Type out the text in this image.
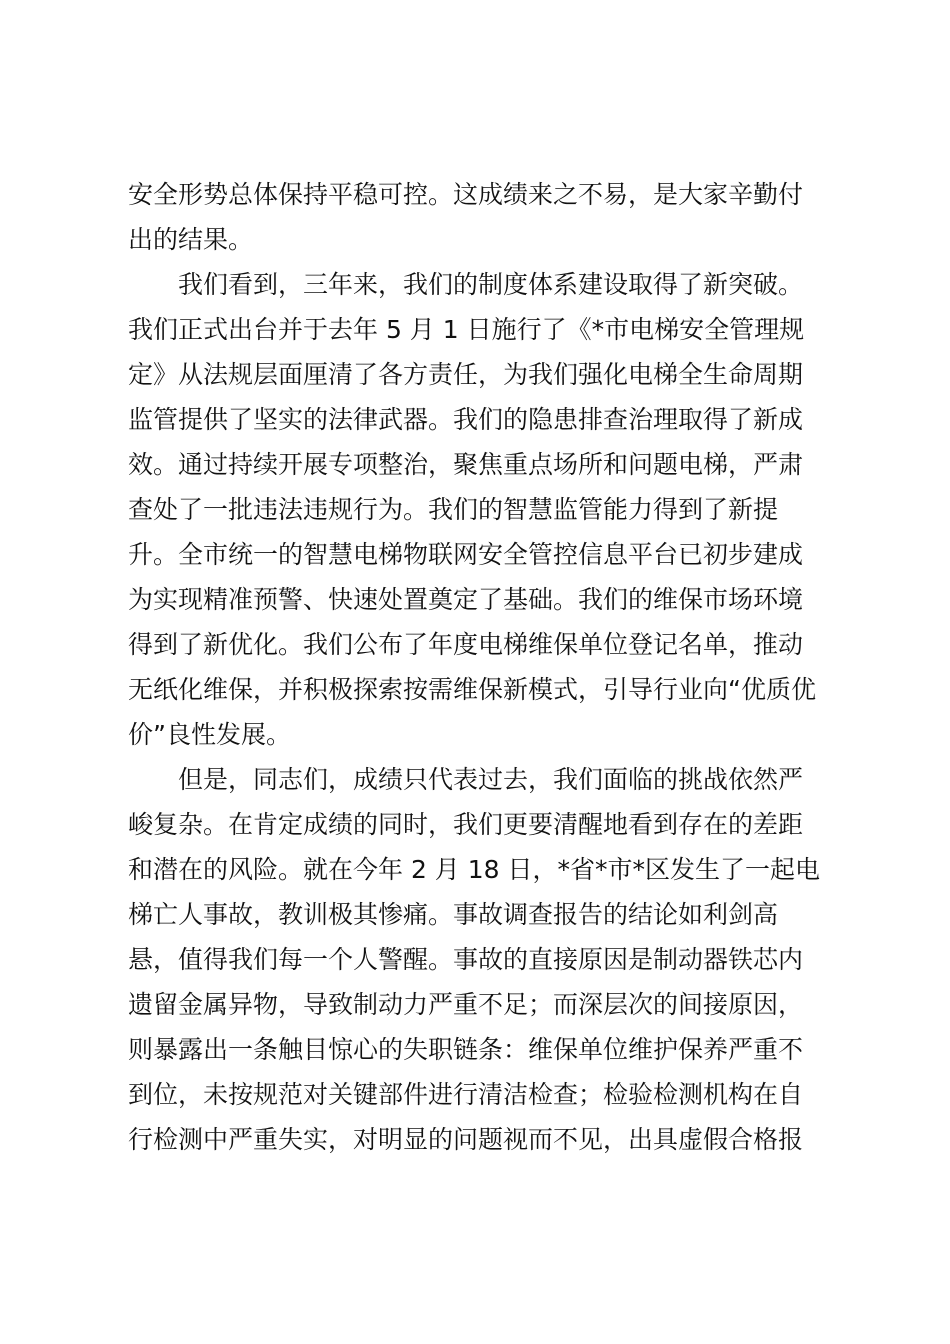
安全形势总体保持平稳可控。这成绩来之不易，是大家辛勤付
出的结果。
　　我们看到，三年来，我们的制度体系建设取得了新突破。
我们正式出台并于去年 5 月 1 日施行了《*市电梯安全管理规
定》从法规层面厘清了各方责任，为我们强化电梯全生命周期
监管提供了坚实的法律武器。我们的隐患排查治理取得了新成
效。通过持续开展专项整治，聚焦重点场所和问题电梯，严肃
查处了一批违法违规行为。我们的智慧监管能力得到了新提
升。全市统一的智慧电梯物联网安全管控信息平台已初步建成
为实现精准预警、快速处置奠定了基础。我们的维保市场环境
得到了新优化。我们公布了年度电梯维保单位登记名单，推动
无纸化维保，并积极探索按需维保新模式，引导行业向“优质优
价”良性发展。
　　但是，同志们，成绩只代表过去，我们面临的挑战依然严
峻复杂。在肯定成绩的同时，我们更要清醒地看到存在的差距
和潜在的风险。就在今年 2 月 18 日，*省*市*区发生了一起电
梯亡人事故，教训极其惨痛。事故调查报告的结论如利剑高
悬，值得我们每一个人警醒。事故的直接原因是制动器铁芯内
遗留金属异物，导致制动力严重不足；而深层次的间接原因，
则暴露出一条触目惊心的失职链条：维保单位维护保养严重不
到位，未按规范对关键部件进行清洁检查；检验检测机构在自
行检测中严重失实，对明显的问题视而不见，出具虚假合格报
